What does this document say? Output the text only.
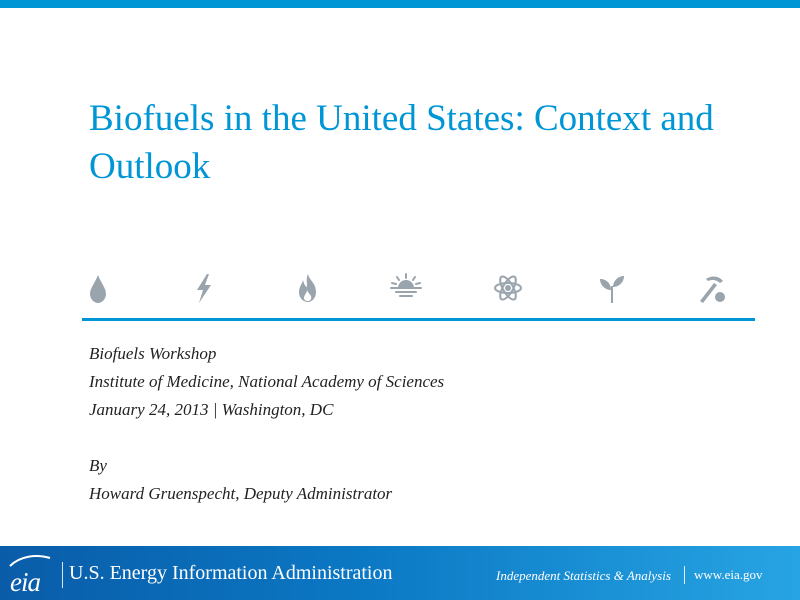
Biofuels in the United States: Context and Outlook
Biofuels Workshop
Institute of Medicine, National Academy of Sciences
January 24, 2013 | Washington, DC
By
Howard Gruenspecht, Deputy Administrator
eia U.S. Energy Information Administration	Independent Statistics & Analysis www.eia.gov
